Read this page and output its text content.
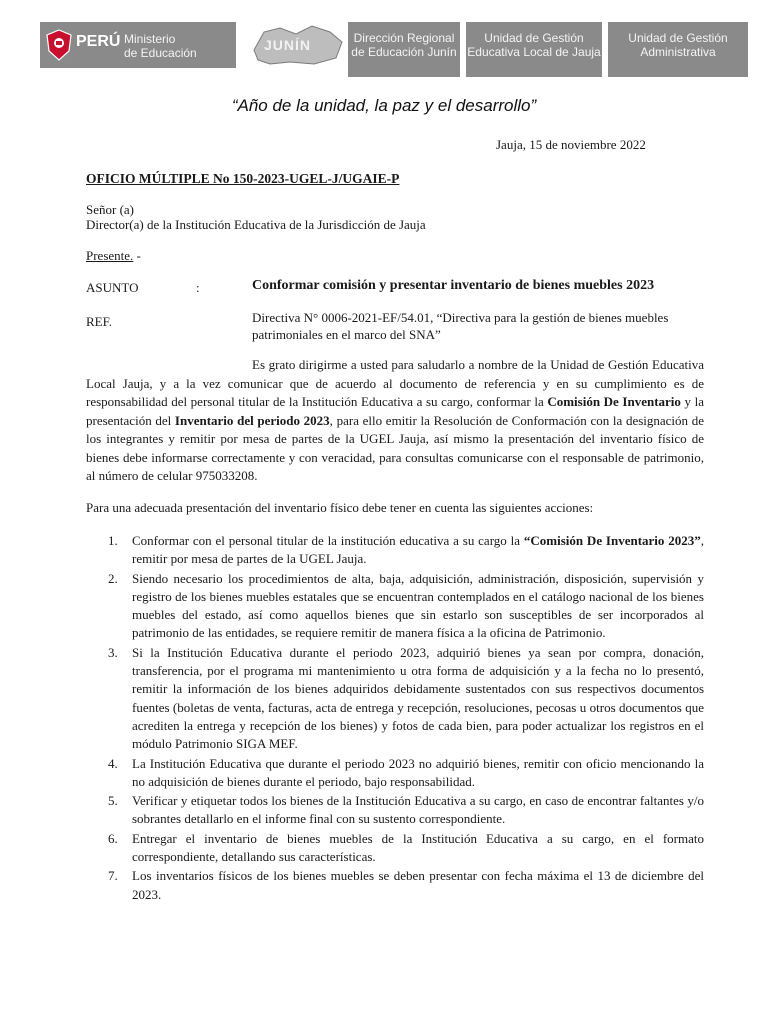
PERÚ Ministerio
de Educación	JUNÍN	Dirección Regional
de Educación Junín
Unidad de Gestión
Educativa Local de Jauja
Unidad de Gestión
Administrativa
“Año de la unidad, la paz y el desarrollo”
Jauja, 15 de noviembre 2022
OFICIO MÚLTIPLE No 150-2023-UGEL-J/UGAIE-P
Señor (a)
Director(a) de la Institución Educativa de la Jurisdicción de Jauja
Presente. -
ASUNTO	:	Conformar comisión y presentar inventario de bienes muebles 2023
REF.	Directiva N° 0006-2021-EF/54.01, “Directiva para la gestión de bienes muebles patrimoniales en el marco del SNA”
Es grato dirigirme a usted para saludarlo a nombre de la Unidad de Gestión Educativa Local Jauja, y a la vez comunicar que de acuerdo al documento de referencia y en su cumplimiento es de responsabilidad del personal titular de la Institución Educativa a su cargo, conformar la Comisión De Inventario y la presentación del Inventario del periodo 2023, para ello emitir la Resolución de Conformación con la designación de los integrantes y remitir por mesa de partes de la UGEL Jauja, así mismo la presentación del inventario físico de bienes debe informarse correctamente y con veracidad, para consultas comunicarse con el responsable de patrimonio, al número de celular 975033208.
Para una adecuada presentación del inventario físico debe tener en cuenta las siguientes acciones:
1. Conformar con el personal titular de la institución educativa a su cargo la “Comisión De Inventario 2023”, remitir por mesa de partes de la UGEL Jauja.
2. Siendo necesario los procedimientos de alta, baja, adquisición, administración, disposición, supervisión y registro de los bienes muebles estatales que se encuentran contemplados en el catálogo nacional de los bienes muebles del estado, así como aquellos bienes que sin estarlo son susceptibles de ser incorporados al patrimonio de las entidades, se requiere remitir de manera física a la oficina de Patrimonio.
3. Si la Institución Educativa durante el periodo 2023, adquirió bienes ya sean por compra, donación, transferencia, por el programa mi mantenimiento u otra forma de adquisición y a la fecha no lo presentó, remitir la información de los bienes adquiridos debidamente sustentados con sus respectivos documentos fuentes (boletas de venta, facturas, acta de entrega y recepción, resoluciones, pecosas u otros documentos que acrediten la entrega y recepción de los bienes) y fotos de cada bien, para poder actualizar los registros en el módulo Patrimonio SIGA MEF.
4. La Institución Educativa que durante el periodo 2023 no adquirió bienes, remitir con oficio mencionando la no adquisición de bienes durante el periodo, bajo responsabilidad.
5. Verificar y etiquetar todos los bienes de la Institución Educativa a su cargo, en caso de encontrar faltantes y/o sobrantes detallarlo en el informe final con su sustento correspondiente.
6. Entregar el inventario de bienes muebles de la Institución Educativa a su cargo, en el formato correspondiente, detallando sus características.
7. Los inventarios físicos de los bienes muebles se deben presentar con fecha máxima el 13 de diciembre del 2023.
